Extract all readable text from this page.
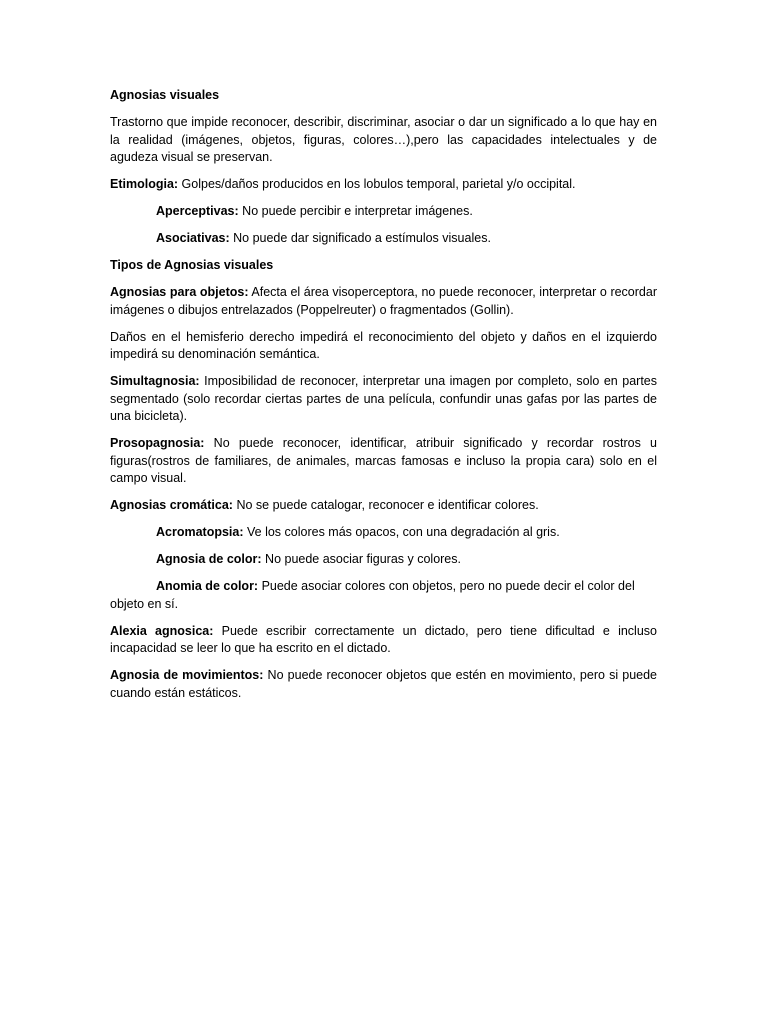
Agnosias visuales

Trastorno que impide reconocer, describir, discriminar, asociar o dar un significado a lo que hay en la realidad (imágenes, objetos, figuras, colores…),pero las capacidades intelectuales y de agudeza visual se preservan.

Etimologia: Golpes/daños producidos en los lobulos temporal, parietal y/o occipital.

Aperceptivas: No puede percibir e interpretar imágenes.

Asociativas: No puede dar significado a estímulos visuales.

Tipos de Agnosias visuales

Agnosias para objetos: Afecta el área visoperceptora, no puede reconocer, interpretar o recordar imágenes o dibujos entrelazados (Poppelreuter) o fragmentados (Gollin).

Daños en el hemisferio derecho impedirá el reconocimiento del objeto y daños en el izquierdo impedirá su denominación semántica.

Simultagnosia: Imposibilidad de reconocer, interpretar una imagen por completo, solo en partes segmentado (solo recordar ciertas partes de una película, confundir unas gafas por las partes de una bicicleta).

Prosopagnosia: No puede reconocer, identificar, atribuir significado y recordar rostros u figuras(rostros de familiares, de animales, marcas famosas e incluso la propia cara) solo en el campo visual.

Agnosias cromática: No se puede catalogar, reconocer e identificar colores.

Acromatopsia: Ve los colores más opacos, con una degradación al gris.

Agnosia de color: No puede asociar figuras y colores.

Anomia de color: Puede asociar colores con objetos, pero no puede decir el color del objeto en sí.

Alexia agnosica: Puede escribir correctamente un dictado, pero tiene dificultad e incluso incapacidad se leer lo que ha escrito en el dictado.

Agnosia de movimientos: No puede reconocer objetos que estén en movimiento, pero si puede cuando están estáticos.
